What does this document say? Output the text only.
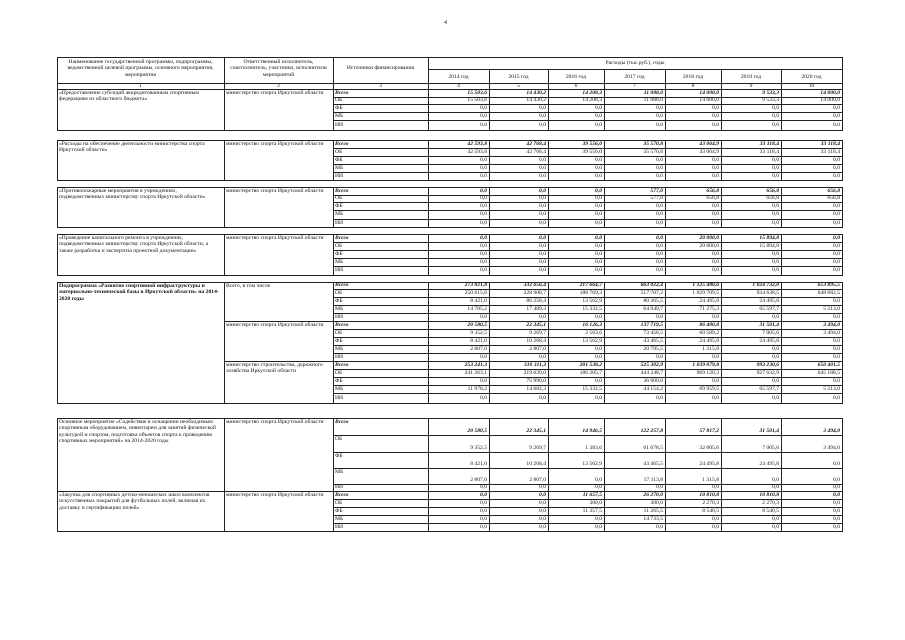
4
Наименование государственной программы, подпрограммы, ведомственной целевой программы, основного мероприятия, мероприятия
Ответственный исполнитель, соисполнитель, участники, исполнители мероприятий
Источники финансирования
Расходы (тыс.руб.), годы
2014 год	2015 год	2016 год	2017 год	2018 год	2019 год	2020 год
1	2	3	4	5	6	7	8	9	10
«Предоставление субсидий аккредитованным спортивным федерациям из областного бюджета»
министерство спорта Иркутской области	Всего	15 503,6	14 430,2	14 208,3	11 088,0	14 000,0	9 533,3	14 000,0
ОБ	15 503,6	14 430,2	14 208,3	11 088,0	14 000,0	9 533,3	14 000,0
ФБ	0,0	0,0	0,0	0,0	0,0	0,0	0,0
МБ	0,0	0,0	0,0	0,0	0,0	0,0	0,0
ИИ	0,0	0,0	0,0	0,0	0,0	0,0	0,0
«Расходы на обеспечение деятельности министерства спорта Иркутской области»
министерство спорта Иркутской области	Всего	42 593,8	42 768,4	39 556,0	35 570,8	43 064,9	33 118,4	33 118,4
ОБ	42 593,8	42 768,4	39 556,0	35 570,8	43 064,9	33 118,4	33 118,4
ФБ	0,0	0,0	0,0	0,0	0,0	0,0	0,0
МБ	0,0	0,0	0,0	0,0	0,0	0,0	0,0
ИИ	0,0	0,0	0,0	0,0	0,0	0,0	0,0
«Противопожарные мероприятия в учреждениях, подведомственных министерству спорта Иркутской области»
министерство спорта Иркутской области	Всего	0,0	0,0	0,0	577,0	656,8	656,8	656,8
ОБ	0,0	0,0	0,0	577,0	656,8	656,8	656,8
ФБ	0,0	0,0	0,0	0,0	0,0	0,0	0,0
МБ	0,0	0,0	0,0	0,0	0,0	0,0	0,0
ИИ	0,0	0,0	0,0	0,0	0,0	0,0	0,0
«Проведение капитального ремонта в учреждениях, подведомственных министерству спорта Иркутской области, а также разработка и экспертиза проектной документации»
министерство спорта Иркутской области	Всего	0,0	0,0	0,0	0,0	20 000,0	15 894,8	0,0
ОБ	0,0	0,0	0,0	0,0	20 000,0	15 894,8	0,0
ФБ	0,0	0,0	0,0	0,0	0,0	0,0	0,0
МБ	0,0	0,0	0,0	0,0	0,0	0,0	0,0
ИИ	0,0	0,0	0,0	0,0	0,0	0,0	0,0
Подпрограмма «Развитие спортивной инфраструктуры и материально-технической базы в Иркутской области» на 2014-2020 годы
Всего, в том числе	Всего	273 821,8	332 656,4	217 664,7	663 022,4	1 125 480,6	1 024 732,0	653 895,5
ОБ	250 615,6	228 908,7	188 769,3	517 707,2	1 029 709,5	934 638,5	648 682,5
ФБ	8 421,0	86 258,4	13 562,9	80 365,5	24 495,8	24 495,8	0,0
МБ	14 785,2	17 489,3	15 332,5	64 949,7	71 275,3	65 597,7	5 213,0
ИИ	0,0	0,0	0,0	0,0	0,0	0,0	0,0
министерство спорта Иркутской области	Всего	20 580,5	22 345,1	16 126,3	137 719,5	86 400,8	31 501,4	3 494,0
ОБ	9 352,5	9 269,7	2 563,6	73 458,5	60 589,2	7 005,6	3 494,0
ФБ	8 421,0	10 268,4	13 562,9	43 465,5	24 495,8	24 495,8	0,0
МБ	2 807,0	2 807,0	0,0	20 795,5	1 315,8	0,0	0,0
ИИ	0,0	0,0	0,0	0,0	0,0	0,0	0,0
министерство строительства, дорожного хозяйства Иркутской области
Всего	253 241,3	310 311,3	201 538,2	525 302,9	1 039 079,8	993 230,6	650 401,5
ОБ	241 263,1	219 639,0	186 205,7	444 248,7	969 120,3	927 632,9	645 188,5
ФБ	0,0	75 990,0	0,0	36 900,0	0,0	0,0	0,0
МБ	11 978,2	14 682,3	15 332,5	44 154,2	69 959,5	65 597,7	5 213,0
ИИ	0,0	0,0	0,0	0,0	0,0	0,0	0,0
Основное мероприятие «Содействие в оснащении необходимым спортивным оборудованием, инвентарем для занятий физической культурой и спортом, подготовка объектов спорта к проведению спортивных мероприятий» на 2014-2020 годы
министерство спорта Иркутской области	Всего
20 580,5	22 345,1	14 946,5	122 257,8	57 817,2	31 501,4	3 494,0
ОБ
9 352,5	9 269,7	1 383,6	61 678,5	32 005,6	7 005,6	3 494,0
ФБ
8 421,0	10 268,4	13 562,9	43 465,5	24 495,8	24 495,8	0,0
МБ
2 807,0	2 807,0	0,0	17 113,8	1 315,8	0,0	0,0
ИИ	0,0	0,0	0,0	0,0	0,0	0,0	0,0
«Закупка для спортивных детско-юношеских школ комплектов искусственных покрытий для футбольных полей, включая их доставку и сертификацию полей»
министерство спорта Иркутской области	Всего	0,0	0,0	11 657,5	26 270,0	10 810,8	10 810,8	0,0
ОБ	0,0	0,0	300,0	300,0	2 270,3	2 270,3	0,0
ФБ	0,0	0,0	11 357,5	11 265,5	8 540,5	8 540,5	0,0
МБ	0,0	0,0	0,0	14 733,5	0,0	0,0	0,0
ИИ	0,0	0,0	0,0	0,0	0,0	0,0	0,0
